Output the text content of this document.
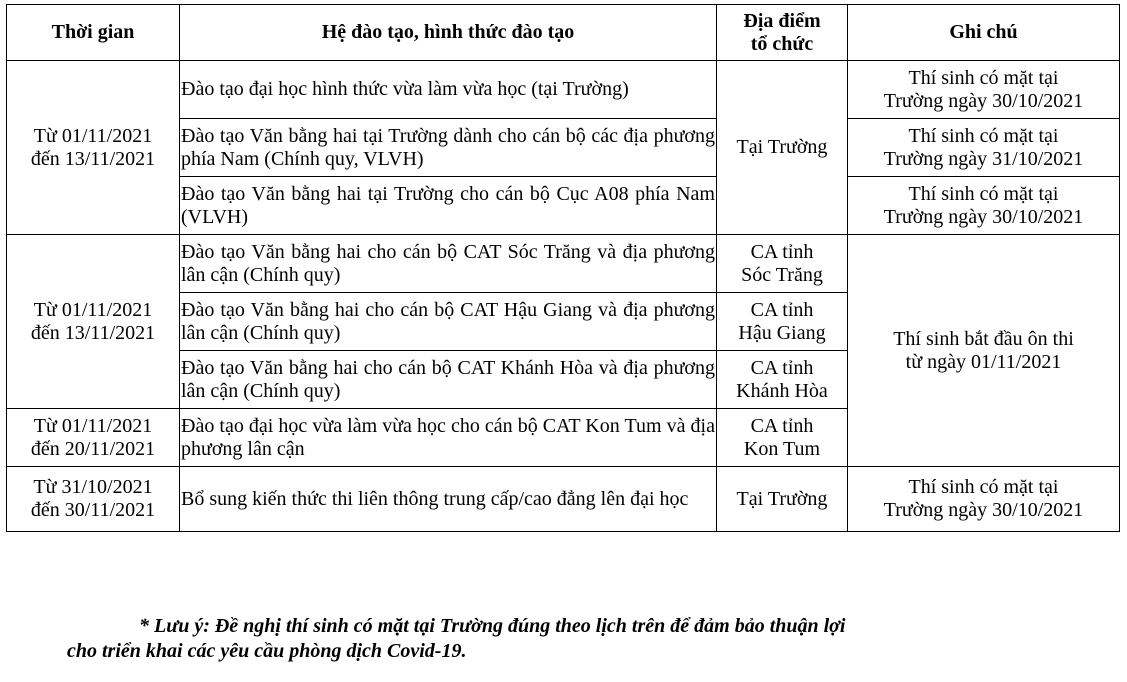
Thời gian	Hệ đào tạo, hình thức đào tạo	Địa điểm
tổ chức	Ghi chú

Từ 01/11/2021
đến 13/11/2021	Đào tạo đại học hình thức vừa làm vừa học (tại Trường)	Tại Trường	Thí sinh có mặt tại
Trường ngày 30/10/2021

	Đào tạo Văn bằng hai tại Trường dành cho cán bộ các địa phương phía Nam (Chính quy, VLVH)		Thí sinh có mặt tại
Trường ngày 31/10/2021

	Đào tạo Văn bằng hai tại Trường cho cán bộ Cục A08 phía Nam (VLVH)		Thí sinh có mặt tại
Trường ngày 30/10/2021

Từ 01/11/2021
đến 13/11/2021	Đào tạo Văn bằng hai cho cán bộ CAT Sóc Trăng và địa phương lân cận (Chính quy)	CA tỉnh
Sóc Trăng	Thí sinh bắt đầu ôn thi
từ ngày 01/11/2021

	Đào tạo Văn bằng hai cho cán bộ CAT Hậu Giang và địa phương lân cận (Chính quy)	CA tỉnh
Hậu Giang	

	Đào tạo Văn bằng hai cho cán bộ CAT Khánh Hòa và địa phương lân cận (Chính quy)	CA tỉnh
Khánh Hòa	

Từ 01/11/2021
đến 20/11/2021	Đào tạo đại học vừa làm vừa học cho cán bộ CAT Kon Tum và địa phương lân cận	CA tỉnh
Kon Tum	

Từ 31/10/2021
đến 30/11/2021	Bổ sung kiến thức thi liên thông trung cấp/cao đẳng lên đại học	Tại Trường	Thí sinh có mặt tại
Trường ngày 30/10/2021
* Lưu ý: Đề nghị thí sinh có mặt tại Trường đúng theo lịch trên để đảm bảo thuận lợi
cho triển khai các yêu cầu phòng dịch Covid-19.
